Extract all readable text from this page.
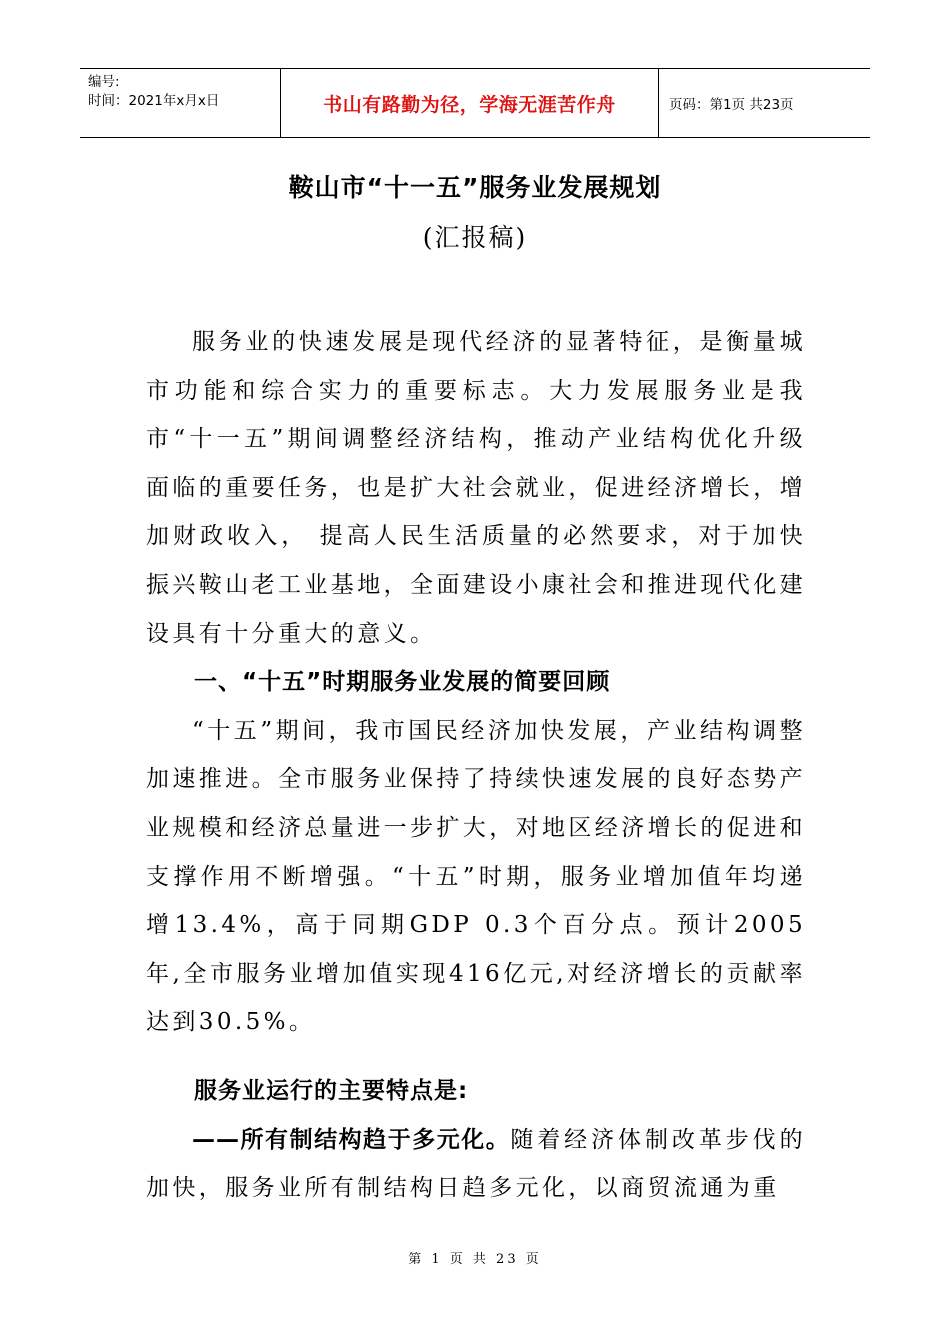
编号:
时间：2021年x月x日	书山有路勤为径，学海无涯苦作舟	页码：第1页 共23页
鞍山市“十一五”服务业发展规划
(汇报稿)

服务业的快速发展是现代经济的显著特征，是衡量城市功能和综合实力的重要标志。大力发展服务业是我市“十一五”期间调整经济结构，推动产业结构优化升级面临的重要任务，也是扩大社会就业，促进经济增长，增加财政收入， 提高人民生活质量的必然要求，对于加快振兴鞍山老工业基地，全面建设小康社会和推进现代化建设具有十分重大的意义。

一、“十五”时期服务业发展的简要回顾

“十五”期间，我市国民经济加快发展，产业结构调整加速推进。全市服务业保持了持续快速发展的良好态势产业规模和经济总量进一步扩大，对地区经济增长的促进和支撑作用不断增强。“十五”时期，服务业增加值年均递增13.4%，高于同期GDP 0.3个百分点。预计2005年,全市服务业增加值实现416亿元,对经济增长的贡献率达到30.5%。

服务业运行的主要特点是:

——所有制结构趋于多元化。随着经济体制改革步伐的加快，服务业所有制结构日趋多元化，以商贸流通为重

第 1 页 共 23 页
